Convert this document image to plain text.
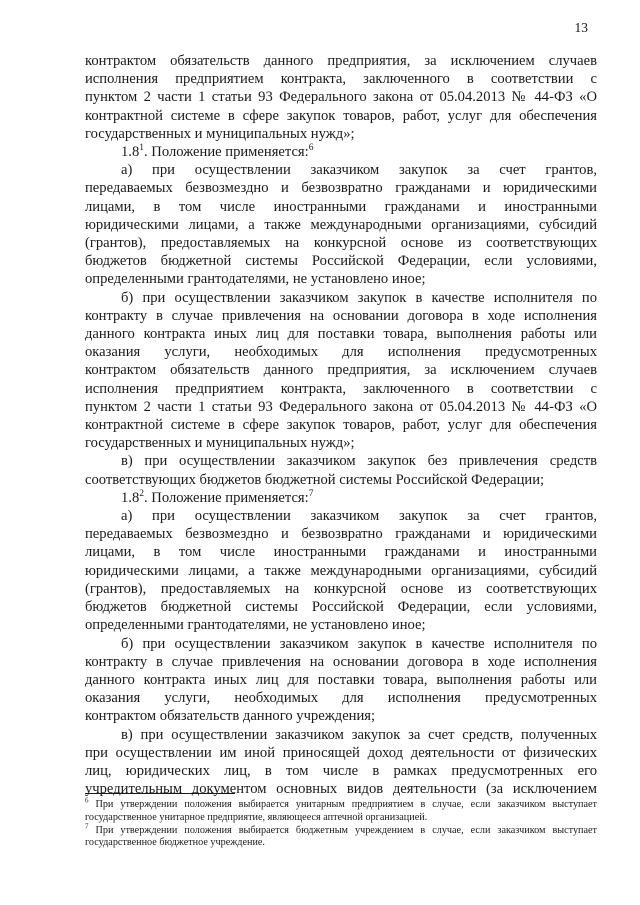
13

контрактом обязательств данного предприятия, за исключением случаев

исполнения предприятием контракта, заключенного в соответствии с

пунктом 2 части 1 статьи 93 Федерального закона от 05.04.2013 № 44-ФЗ «О

контрактной системе в сфере закупок товаров, работ, услуг для обеспечения

государственных и муниципальных нужд»;

$1.8^1$. Положение применяется:$^6$

а) при осуществлении заказчиком закупок за счет грантов,

передаваемых безвозмездно и безвозвратно гражданами и юридическими

лицами, в том числе иностранными гражданами и иностранными

юридическими лицами, а также международными организациями, субсидий

(грантов), предоставляемых на конкурсной основе из соответствующих

бюджетов бюджетной системы Российской Федерации, если условиями,

определенными грантодателями, не установлено иное;

б) при осуществлении заказчиком закупок в качестве исполнителя по

контракту в случае привлечения на основании договора в ходе исполнения

данного контракта иных лиц для поставки товара, выполнения работы или

оказания услуги, необходимых для исполнения предусмотренных

контрактом обязательств данного предприятия, за исключением случаев

исполнения предприятием контракта, заключенного в соответствии с

пунктом 2 части 1 статьи 93 Федерального закона от 05.04.2013 № 44-ФЗ «О

контрактной системе в сфере закупок товаров, работ, услуг для обеспечения

государственных и муниципальных нужд»;

в) при осуществлении заказчиком закупок без привлечения средств

соответствующих бюджетов бюджетной системы Российской Федерации;

$1.8^2$. Положение применяется:$^7$

а) при осуществлении заказчиком закупок за счет грантов,

передаваемых безвозмездно и безвозвратно гражданами и юридическими

лицами, в том числе иностранными гражданами и иностранными

юридическими лицами, а также международными организациями, субсидий

(грантов), предоставляемых на конкурсной основе из соответствующих

бюджетов бюджетной системы Российской Федерации, если условиями,

определенными грантодателями, не установлено иное;

б) при осуществлении заказчиком закупок в качестве исполнителя по

контракту в случае привлечения на основании договора в ходе исполнения

данного контракта иных лиц для поставки товара, выполнения работы или

оказания услуги, необходимых для исполнения предусмотренных

контрактом обязательств данного учреждения;

в) при осуществлении заказчиком закупок за счет средств, полученных

при осуществлении им иной приносящей доход деятельности от физических

лиц, юридических лиц, в том числе в рамках предусмотренных его

учредительным документом основных видов деятельности (за исключением

$^6$ При утверждении положения выбирается унитарным предприятием в случае, если заказчиком выступает

государственное унитарное предприятие, являющееся аптечной организацией.

$^7$ При утверждении положения выбирается бюджетным учреждением в случае, если заказчиком выступает

государственное бюджетное учреждение.
